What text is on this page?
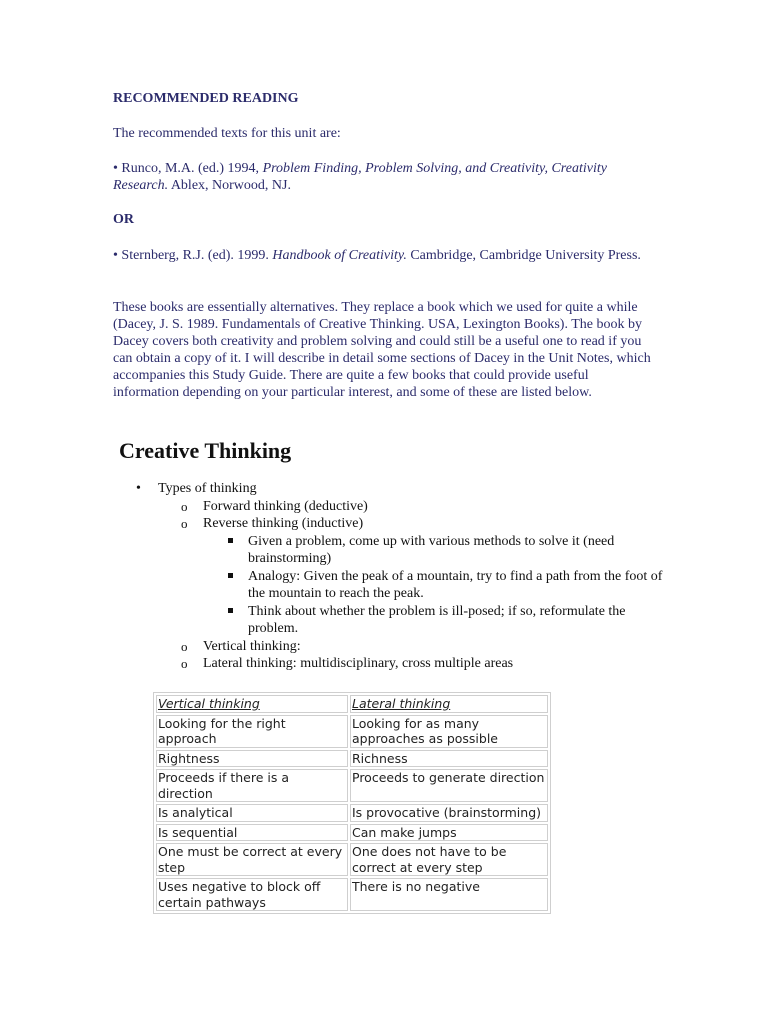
RECOMMENDED READING
The recommended texts for this unit are:
• Runco, M.A. (ed.) 1994, Problem Finding, Problem Solving, and Creativity, Creativity Research. Ablex, Norwood, NJ.
OR
• Sternberg, R.J. (ed). 1999. Handbook of Creativity. Cambridge, Cambridge University Press.
These books are essentially alternatives. They replace a book which we used for quite a while (Dacey, J. S. 1989. Fundamentals of Creative Thinking. USA, Lexington Books). The book by Dacey covers both creativity and problem solving and could still be a useful one to read if you can obtain a copy of it. I will describe in detail some sections of Dacey in the Unit Notes, which accompanies this Study Guide. There are quite a few books that could provide useful information depending on your particular interest, and some of these are listed below.
Creative Thinking
• Types of thinking
o Forward thinking (deductive)
o Reverse thinking (inductive)
Given a problem, come up with various methods to solve it (need brainstorming)
Analogy: Given the peak of a mountain, try to find a path from the foot of the mountain to reach the peak.
Think about whether the problem is ill-posed; if so, reformulate the problem.
o Vertical thinking:
o Lateral thinking: multidisciplinary, cross multiple areas
Vertical thinking	Lateral thinking
Looking for the right approach	Looking for as many approaches as possible
Rightness	Richness
Proceeds if there is a direction	Proceeds to generate direction
Is analytical	Is provocative (brainstorming)
Is sequential	Can make jumps
One must be correct at every step	One does not have to be correct at every step
Uses negative to block off certain pathways	There is no negative
